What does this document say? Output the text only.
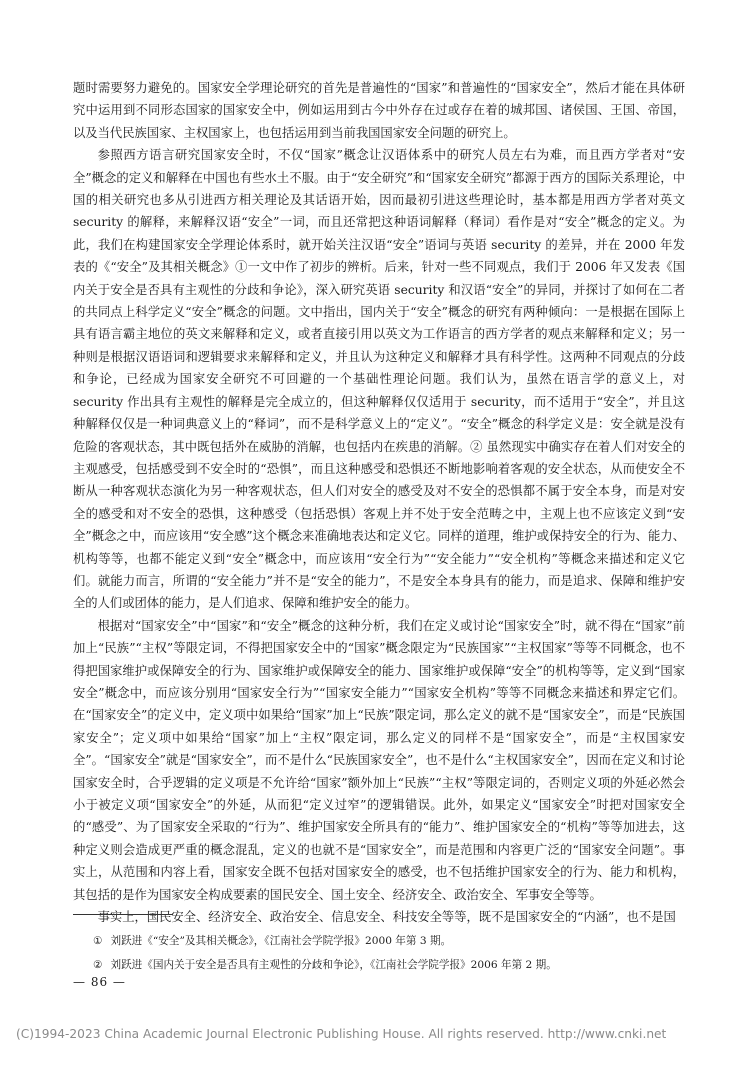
题时需要努力避免的。国家安全学理论研究的首先是普遍性的“国家”和普遍性的“国家安全”，然后才能在具体研究中运用到不同形态国家的国家安全中，例如运用到古今中外存在过或存在着的城邦国、诸侯国、王国、帝国，以及当代民族国家、主权国家上，也包括运用到当前我国国家安全问题的研究上。

参照西方语言研究国家安全时，不仅“国家”概念让汉语体系中的研究人员左右为难，而且西方学者对“安全”概念的定义和解释在中国也有些水土不服。由于“安全研究”和“国家安全研究”都源于西方的国际关系理论，中国的相关研究也多从引进西方相关理论及其话语开始，因而最初引进这些理论时，基本都是用西方学者对英文 security 的解释，来解释汉语“安全”一词，而且还常把这种语词解释（释词）看作是对“安全”概念的定义。为此，我们在构建国家安全学理论体系时，就开始关注汉语“安全”语词与英语 security 的差异，并在 2000 年发表的《“安全”及其相关概念》①一文中作了初步的辨析。后来，针对一些不同观点，我们于 2006 年又发表《国内关于安全是否具有主观性的分歧和争论》，深入研究英语 security 和汉语“安全”的异同，并探讨了如何在二者的共同点上科学定义“安全”概念的问题。文中指出，国内关于“安全”概念的研究有两种倾向：一是根据在国际上具有语言霸主地位的英文来解释和定义，或者直接引用以英文为工作语言的西方学者的观点来解释和定义；另一种则是根据汉语语词和逻辑要求来解释和定义，并且认为这种定义和解释才具有科学性。这两种不同观点的分歧和争论，已经成为国家安全研究不可回避的一个基础性理论问题。我们认为，虽然在语言学的意义上，对 security 作出具有主观性的解释是完全成立的，但这种解释仅仅适用于 security，而不适用于“安全”，并且这种解释仅仅是一种词典意义上的“释词”，而不是科学意义上的“定义”。“安全”概念的科学定义是：安全就是没有危险的客观状态，其中既包括外在威胁的消解，也包括内在疾患的消解。② 虽然现实中确实存在着人们对安全的主观感受，包括感受到不安全时的“恐惧”，而且这种感受和恐惧还不断地影响着客观的安全状态，从而使安全不断从一种客观状态演化为另一种客观状态，但人们对安全的感受及对不安全的恐惧都不属于安全本身，而是对安全的感受和对不安全的恐惧，这种感受（包括恐惧）客观上并不处于安全范畴之中，主观上也不应该定义到“安全”概念之中，而应该用“安全感”这个概念来准确地表达和定义它。同样的道理，维护或保持安全的行为、能力、机构等等，也都不能定义到“安全”概念中，而应该用“安全行为”“安全能力”“安全机构”等概念来描述和定义它们。就能力而言，所谓的“安全能力”并不是“安全的能力”，不是安全本身具有的能力，而是追求、保障和维护安全的人们或团体的能力，是人们追求、保障和维护安全的能力。

根据对“国家安全”中“国家”和“安全”概念的这种分析，我们在定义或讨论“国家安全”时，就不得在“国家”前加上“民族”“主权”等限定词，不得把国家安全中的“国家”概念限定为“民族国家”“主权国家”等等不同概念，也不得把国家维护或保障安全的行为、国家维护或保障安全的能力、国家维护或保障“安全”的机构等等，定义到“国家安全”概念中，而应该分别用“国家安全行为”“国家安全能力”“国家安全机构”等等不同概念来描述和界定它们。在“国家安全”的定义中，定义项中如果给“国家”加上“民族”限定词，那么定义的就不是“国家安全”，而是“民族国家安全”；定义项中如果给“国家”加上“主权”限定词，那么定义的同样不是“国家安全”，而是“主权国家安全”。“国家安全”就是“国家安全”，而不是什么“民族国家安全”，也不是什么“主权国家安全”，因而在定义和讨论国家安全时，合乎逻辑的定义项是不允许给“国家”额外加上“民族”“主权”等限定词的，否则定义项的外延必然会小于被定义项“国家安全”的外延，从而犯“定义过窄”的逻辑错误。此外，如果定义“国家安全”时把对国家安全的“感受”、为了国家安全采取的“行为”、维护国家安全所具有的“能力”、维护国家安全的“机构”等等加进去，这种定义则会造成更严重的概念混乱，定义的也就不是“国家安全”，而是范围和内容更广泛的“国家安全问题”。事实上，从范围和内容上看，国家安全既不包括对国家安全的感受，也不包括维护国家安全的行为、能力和机构，其包括的是作为国家安全构成要素的国民安全、国土安全、经济安全、政治安全、军事安全等等。

事实上，国民安全、经济安全、政治安全、信息安全、科技安全等等，既不是国家安全的“内涵”，也不是国

① 刘跃进《“安全”及其相关概念》，《江南社会学院学报》2000 年第 3 期。
② 刘跃进《国内关于安全是否具有主观性的分歧和争论》，《江南社会学院学报》2006 年第 2 期。
— 86 —
(C)1994-2023 China Academic Journal Electronic Publishing House. All rights reserved. http://www.cnki.net
